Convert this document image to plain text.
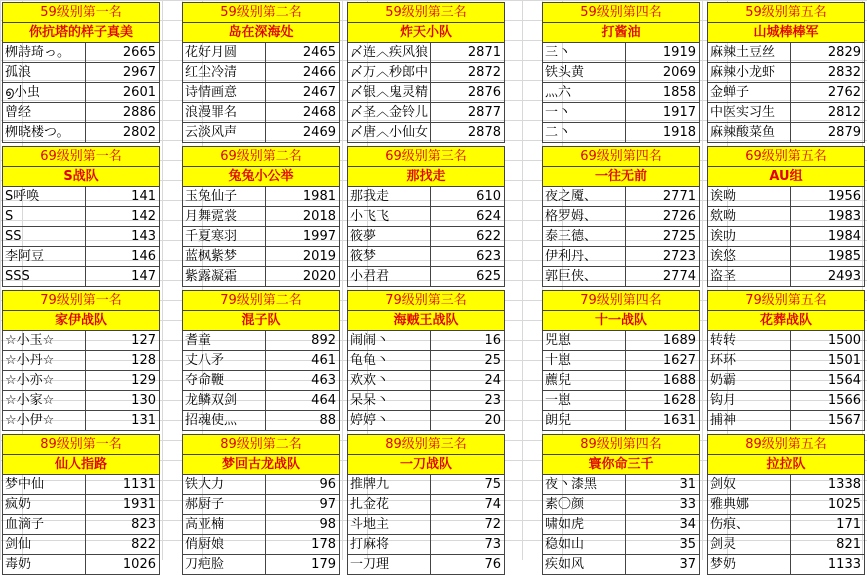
59级别第一名
你抗塔的样子真美
栁詩琦っ。	2665
孤浪	2967
൭小虫	2601
曾经	2886
栁晓楼つ。	2802
59级别第二名
岛在深海处
花好月圆	2465
红尘冷清	2466
诗情画意	2467
浪漫罪名	2468
云淡风声	2469
59级别第三名
炸天小队
〆连︿疾风狼	2871
〆万︿秒郎中	2872
〆银︿鬼灵精	2876
〆圣︿金铃儿	2877
〆唐︿小仙女	2878
59级别第四名
打酱油
三丶	1919
铁头黄	2069
灬六	1858
一丶	1917
二丶	1918
59级别第五名
山城棒棒军
麻辣土豆丝	2829
麻辣小龙虾	2832
金蝉子	2762
中医实习生	2812
麻辣酸菜鱼	2879
69级别第一名
S战队
S呼唤	141
S	142
SS	143
李阿豆	146
SSS	147
69级别第二名
兔兔小公举
玉兔仙子	1981
月舞霓裳	2018
千夏寒羽	1997
蓝枫紫梦	2019
紫露凝霜	2020
69级别第三名
那找走
那我走	610
小飞飞	624
筱夢	622
筱梦	623
小君君	625
69级别第四名
一往无前
夜之魇、	2771
格罗姆、	2726
泰三德、	2725
伊利丹、	2723
郭巨侠、	2774
69级别第五名
AU组
诶呦	1956
欸呦	1983
诶叻	1984
诶悠	1985
盗圣	2493
79级别第一名
家伊战队
☆小玉☆	127
☆小丹☆	128
☆小亦☆	129
☆小家☆	130
☆小伊☆	131
79级别第二名
混子队
耆童	892
丈八矛	461
夺命鞭	463
龙鳞双剑	464
招魂使灬	88
79级别第三名
海贼王战队
闹闹丶	16
龟龟丶	25
欢欢丶	24
呆呆丶	23
婷婷丶	20
79级别第四名
十一战队
兕崽	1689
十崽	1627
藨兒	1688
一崽	1628
朗兒	1631
79级别第五名
花葬战队
转转	1500
环环	1501
奶霸	1564
钩月	1566
捕神	1567
89级别第一名
仙人指路
梦中仙	1131
疯奶	1931
血滴子	823
剑仙	822
毒奶	1026
89级别第二名
梦回古龙战队
铁大力	96
郝厨子	97
高亚楠	98
俏厨娘	178
刀疤脸	179
89级别第三名
一刀战队
推牌九	75
扎金花	74
斗地主	72
打麻将	73
一刀理	76
89级别第四名
寰你命三千
夜丶漆黑	31
素〇颜	33
啸如虎	34
稳如山	35
疾如风	37
89级别第五名
拉拉队
剑奴	1338
雅典娜	1025
伤痕、	171
剑灵	821
梦奶	1133
